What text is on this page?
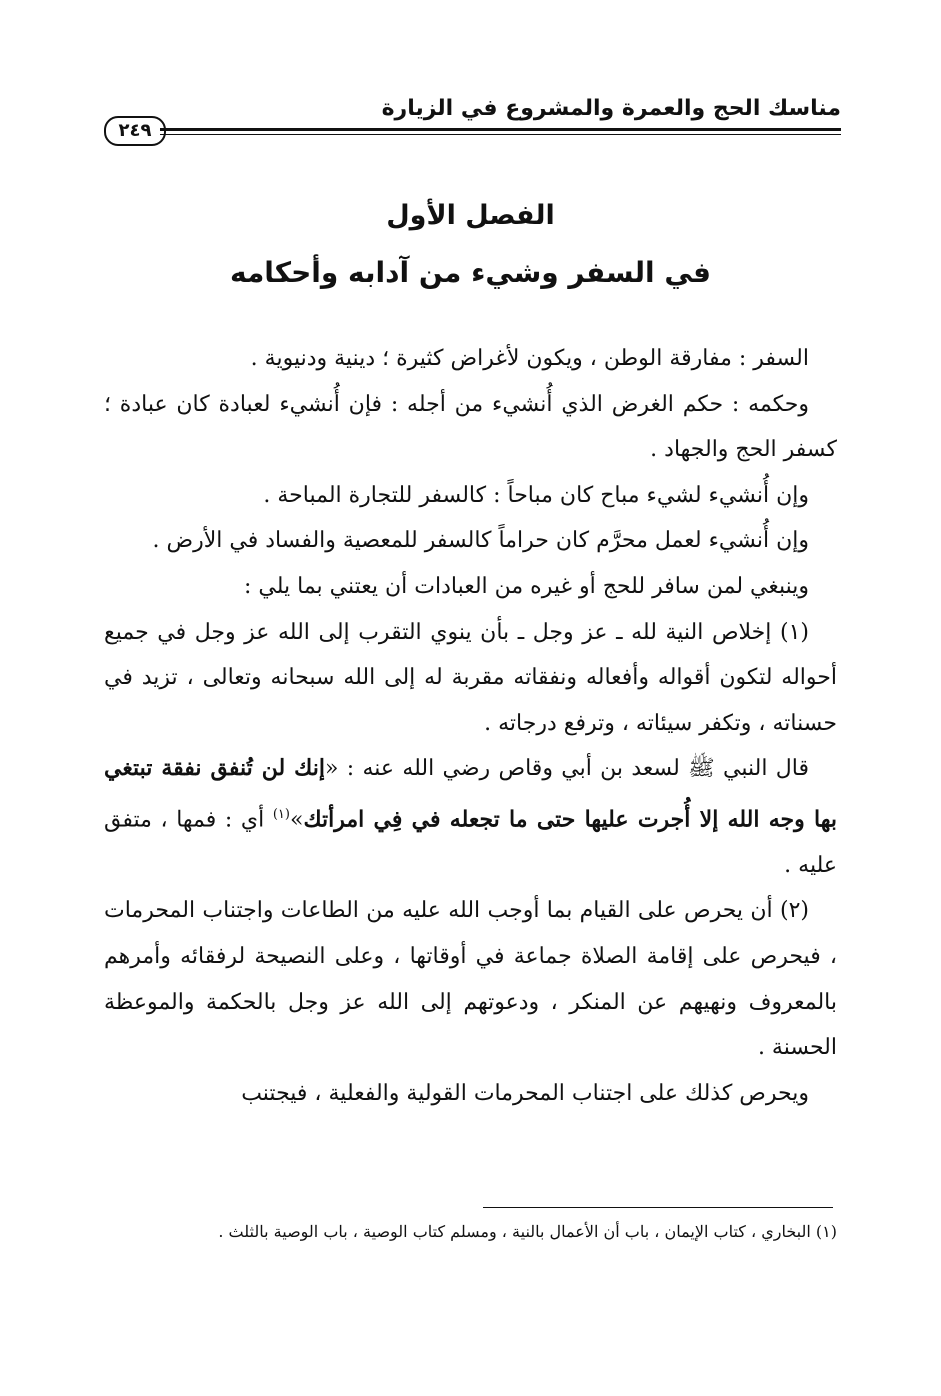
مناسك الحج والعمرة والمشروع في الزيارة
٢٤٩
الفصل الأول
في السفر وشيء من آدابه وأحكامه

السفر : مفارقة الوطن ، ويكون لأغراض كثيرة ؛ دينية ودنيوية .

وحكمه : حكم الغرض الذي أُنشيء من أجله : فإن أُنشيء لعبادة كان عبادة ؛ كسفر الحج والجهاد .

وإن أُنشيء لشيء مباح كان مباحاً : كالسفر للتجارة المباحة .

وإن أُنشيء لعمل محرَّم كان حراماً كالسفر للمعصية والفساد في الأرض .

وينبغي لمن سافر للحج أو غيره من العبادات أن يعتني بما يلي :

(١) إخلاص النية لله ـ عز وجل ـ بأن ينوي التقرب إلى الله عز وجل في جميع أحواله لتكون أقواله وأفعاله ونفقاته مقربة له إلى الله سبحانه وتعالى ، تزيد في حسناته ، وتكفر سيئاته ، وترفع درجاته .

قال النبي ﷺ لسعد بن أبي وقاص رضي الله عنه : «إنك لن تُنفق نفقة تبتغي بها وجه الله إلا أُجرت عليها حتى ما تجعله في فِي امرأتك»$^{(١)}$ أي : فمها ، متفق عليه .

(٢) أن يحرص على القيام بما أوجب الله عليه من الطاعات واجتناب المحرمات ، فيحرص على إقامة الصلاة جماعة في أوقاتها ، وعلى النصيحة لرفقائه وأمرهم بالمعروف ونهيهم عن المنكر ، ودعوتهم إلى الله عز وجل بالحكمة والموعظة الحسنة .

ويحرص كذلك على اجتناب المحرمات القولية والفعلية ، فيجتنب

(١) البخاري ، كتاب الإيمان ، باب أن الأعمال بالنية ، ومسلم كتاب الوصية ، باب الوصية بالثلث .
